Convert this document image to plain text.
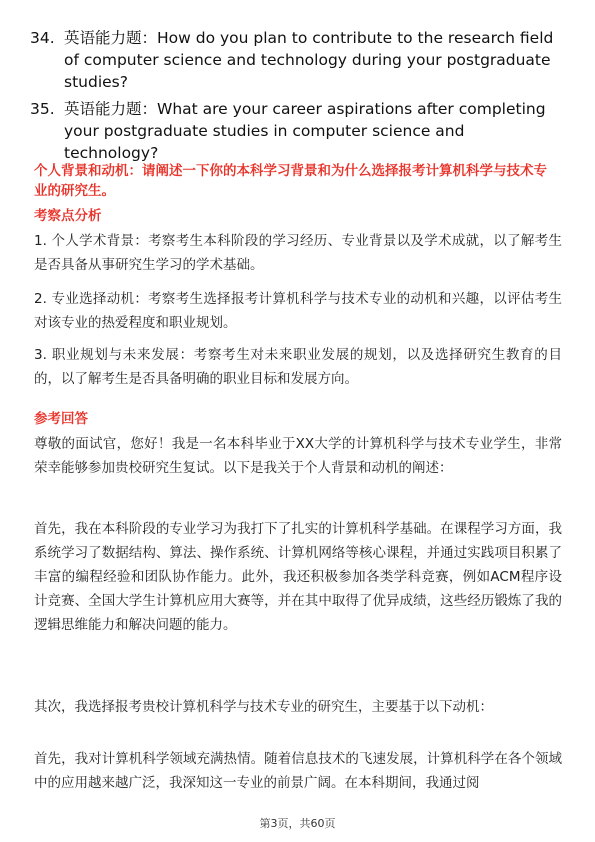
34. 英语能力题：How do you plan to contribute to the research field of computer science and technology during your postgraduate studies?
35. 英语能力题：What are your career aspirations after completing your postgraduate studies in computer science and technology?
个人背景和动机：请阐述一下你的本科学习背景和为什么选择报考计算机科学与技术专业的研究生。
考察点分析
1. 个人学术背景：考察考生本科阶段的学习经历、专业背景以及学术成就，以了解考生是否具备从事研究生学习的学术基础。
2. 专业选择动机：考察考生选择报考计算机科学与技术专业的动机和兴趣，以评估考生对该专业的热爱程度和职业规划。
3. 职业规划与未来发展：考察考生对未来职业发展的规划，以及选择研究生教育的目的，以了解考生是否具备明确的职业目标和发展方向。
参考回答
尊敬的面试官，您好！我是一名本科毕业于XX大学的计算机科学与技术专业学生，非常荣幸能够参加贵校研究生复试。以下是我关于个人背景和动机的阐述：
首先，我在本科阶段的专业学习为我打下了扎实的计算机科学基础。在课程学习方面，我系统学习了数据结构、算法、操作系统、计算机网络等核心课程，并通过实践项目积累了丰富的编程经验和团队协作能力。此外，我还积极参加各类学科竞赛，例如ACM程序设计竞赛、全国大学生计算机应用大赛等，并在其中取得了优异成绩，这些经历锻炼了我的逻辑思维能力和解决问题的能力。
其次，我选择报考贵校计算机科学与技术专业的研究生，主要基于以下动机：
首先，我对计算机科学领域充满热情。随着信息技术的飞速发展，计算机科学在各个领域中的应用越来越广泛，我深知这一专业的前景广阔。在本科期间，我通过阅
第3页，共60页
